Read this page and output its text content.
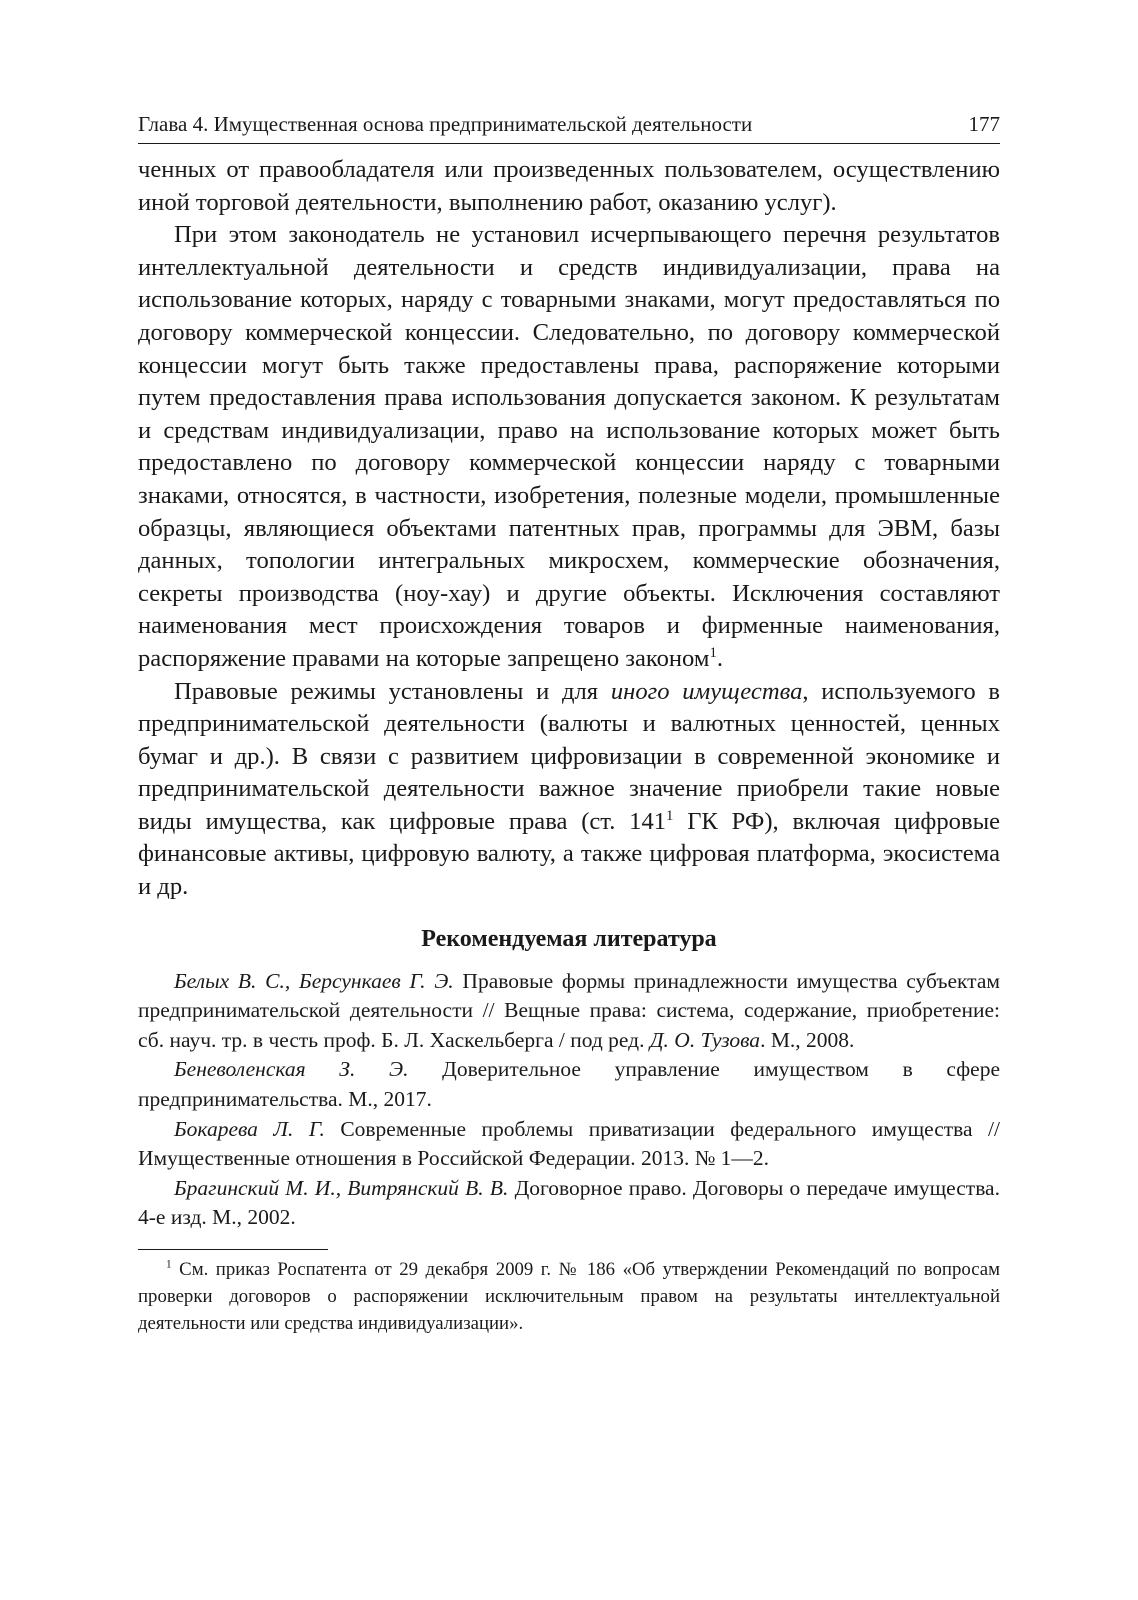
Глава 4. Имущественная основа предпринимательской деятельности	177

ченных от правообладателя или произведенных пользователем, осуществлению иной торговой деятельности, выполнению работ, оказанию услуг).

При этом законодатель не установил исчерпывающего перечня результатов интеллектуальной деятельности и средств индивидуализации, права на использование которых, наряду с товарными знаками, могут предоставляться по договору коммерческой концессии. Следовательно, по договору коммерческой концессии могут быть также предоставлены права, распоряжение которыми путем предоставления права использования допускается законом. К результатам и средствам индивидуализации, право на использование которых может быть предоставлено по договору коммерческой концессии наряду с товарными знаками, относятся, в частности, изобретения, полезные модели, промышленные образцы, являющиеся объектами патентных прав, программы для ЭВМ, базы данных, топологии интегральных микросхем, коммерческие обозначения, секреты производства (ноу-хау) и другие объекты. Исключения составляют наименования мест происхождения товаров и фирменные наименования, распоряжение правами на которые запрещено законом$^1$.

Правовые режимы установлены и для иного имущества, используемого в предпринимательской деятельности (валюты и валютных ценностей, ценных бумаг и др.). В связи с развитием цифровизации в современной экономике и предпринимательской деятельности важное значение приобрели такие новые виды имущества, как цифровые права (ст. $141^1$ ГК РФ), включая цифровые финансовые активы, цифровую валюту, а также цифровая платформа, экосистема и др.

Рекомендуемая литература

Белых В. С., Берсункаев Г. Э. Правовые формы принадлежности имущества субъектам предпринимательской деятельности // Вещные права: система, содержание, приобретение: сб. науч. тр. в честь проф. Б. Л. Хаскельберга / под ред. Д. О. Тузова. М., 2008.

Беневоленская З. Э. Доверительное управление имуществом в сфере предпринимательства. М., 2017.

Бокарева Л. Г. Современные проблемы приватизации федерального имущества // Имущественные отношения в Российской Федерации. 2013. № 1—2.

Брагинский М. И., Витрянский В. В. Договорное право. Договоры о передаче имущества. 4-е изд. М., 2002.

$^1$ См. приказ Роспатента от 29 декабря 2009 г. № 186 «Об утверждении Рекомендаций по вопросам проверки договоров о распоряжении исключительным правом на результаты интеллектуальной деятельности или средства индивидуализации».
